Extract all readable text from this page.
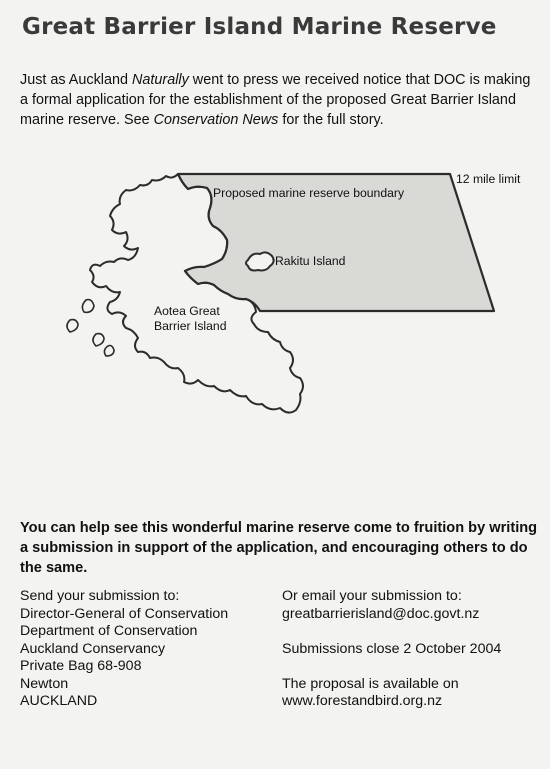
Great Barrier Island Marine Reserve

Just as Auckland Naturally went to press we received notice that DOC is making a formal application for the establishment of the proposed Great Barrier Island marine reserve. See Conservation News for the full story.

Proposed marine reserve boundary
12 mile limit
Rakitu Island
Aotea Great
Barrier Island

You can help see this wonderful marine reserve come to fruition by writing a submission in support of the application, and encouraging others to do the same.

Send your submission to:
Director-General of Conservation
Department of Conservation
Auckland Conservancy
Private Bag 68-908
Newton
AUCKLAND
Or email your submission to:
greatbarrierisland@doc.govt.nz
Submissions close 2 October 2004
The proposal is available on
www.forestandbird.org.nz
